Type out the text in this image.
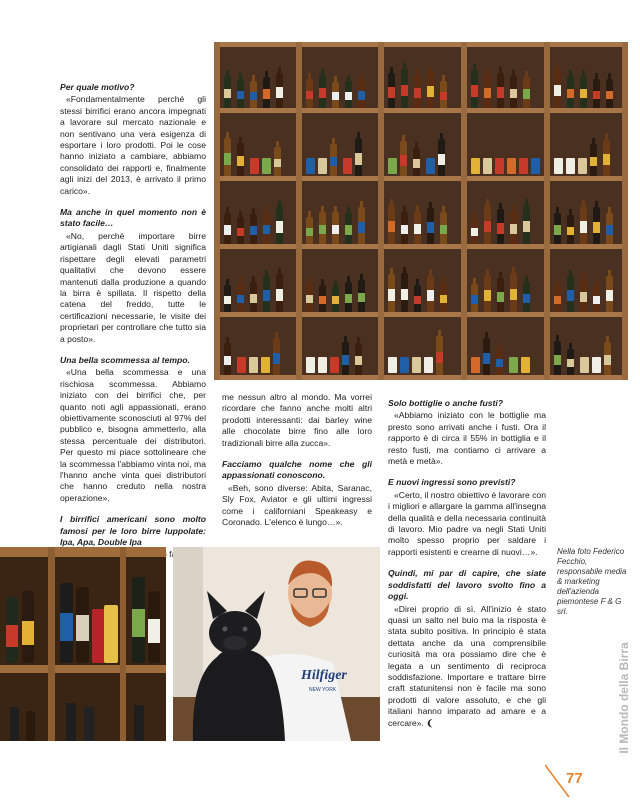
Per quale motivo?

«Fondamentalmente perché gli stessi birrifici erano ancora impegnati a lavorare sul mercato nazionale e non sentivano una vera esigenza di esportare i loro prodotti. Poi le cose hanno iniziato a cambiare, abbiamo consolidato dei rapporti e, finalmente agli inizi del 2013, è arrivato il primo carico».

Ma anche in quel momento non è stato facile…

«No, perché importare birre artigianali dagli Stati Uniti significa rispettare degli elevati parametri qualitativi che devono essere mantenuti dalla produzione a quando la birra è spillata. Il rispetto della catena del freddo, tutte le certificazioni necessarie, le visite dei proprietari per controllare che tutto sia a posto».

Una bella scommessa al tempo.

«Una bella scommessa e una rischiosa scommessa. Abbiamo iniziato con dei birrifici che, per quanto noti agli appassionati, erano obiettivamente sconosciuti al 97% del pubblico e, bisogna ammetterlo, alla stessa percentuale dei distributori. Per questo mi piace sottolineare che la scommessa l'abbiamo vinta noi, ma l'hanno anche vinta quei distributori che hanno creduto nella nostra operazione».

I birrifici americani sono molto famosi per le loro birre luppolate: Ipa, Apa, Double Ipa

me nessun altro al mondo. Ma vorrei ricordare che fanno anche molti altri prodotti interessanti: dai barley wine alle chocolate birre fino alle loro tradizionali birre alla zucca».

Facciamo qualche nome che gli appassionati conoscono.

«Beh, sono diverse: Abita, Saranac, Sly Fox, Aviator e gli ultimi ingressi come i californiani Speakeasy e Coronado. L'elenco è lungo…».

Solo bottiglie o anche fusti?

«Abbiamo iniziato con le bottiglie ma presto sono arrivati anche i fusti. Ora il rapporto è di circa il 55% in bottiglia e il resto fusti, ma contiamo ci arrivare a metà e metà».

E nuovi ingressi sono previsti?

«Certo, il nostro obiettivo è lavorare con i migliori e allargare la gamma all'insegna della qualità e della necessaria continuità di lavoro. Mio padre va negli Stati Uniti molto spesso proprio per saldare i rapporti esistenti e crearne di nuovi…».

Quindi, mi par di capire, che siate soddisfatti del lavoro svolto fino a oggi.

«Direi proprio di sì. All'inizio è stato quasi un salto nel buio ma la risposta è stata subito positiva. In principio è stata dettata anche da una comprensibile curiosità ma ora possiamo dire che è legata a un sentimento di reciproca soddisfazione. Importare e trattare birre craft statunitensi non è facile ma sono prodotti di valore assoluto, e che gli italiani hanno imparato ad amare e a cercare». ❨

Hilfiger
NEW YORK
Nella foto Federico Fecchio, responsabile media & marketing dell'azienda piemontese F & G srl.
Il Mondo della Birra
77
